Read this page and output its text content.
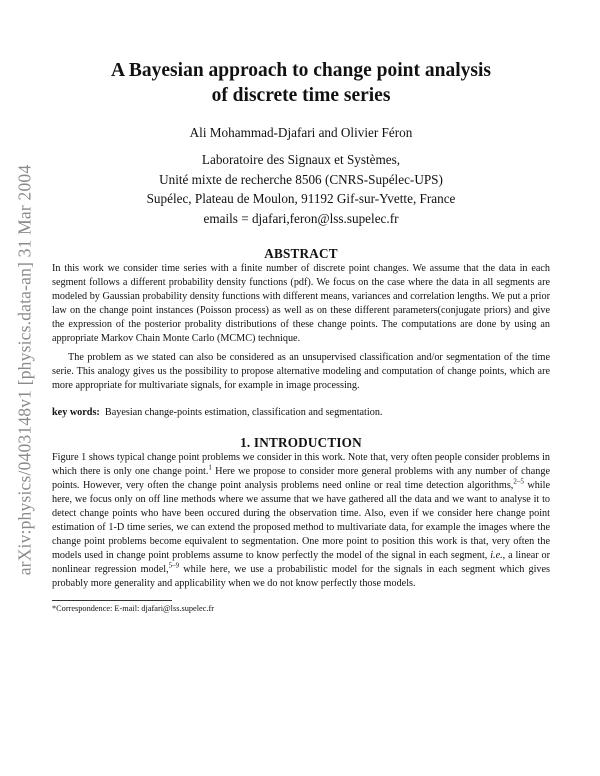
arXiv:physics/0403148v1 [physics.data-an] 31 Mar 2004
A Bayesian approach to change point analysis
of discrete time series
Ali Mohammad-Djafari and Olivier Féron
Laboratoire des Signaux et Systèmes,
Unité mixte de recherche 8506 (CNRS-Supélec-UPS)
Supélec, Plateau de Moulon, 91192 Gif-sur-Yvette, France
emails = djafari,feron@lss.supelec.fr
ABSTRACT

In this work we consider time series with a finite number of discrete point changes. We assume that the data in each segment follows a different probability density functions (pdf). We focus on the case where the data in all segments are modeled by Gaussian probability density functions with different means, variances and correlation lengths. We put a prior law on the change point instances (Poisson process) as well as on these different parameters(conjugate priors) and give the expression of the posterior probality distributions of these change points. The computations are done by using an appropriate Markov Chain Monte Carlo (MCMC) technique.

The problem as we stated can also be considered as an unsupervised classification and/or segmentation of the time serie. This analogy gives us the possibility to propose alternative modeling and computation of change points, which are more appropriate for multivariate signals, for example in image processing.

key words: Bayesian change-points estimation, classification and segmentation.
1. INTRODUCTION

Figure 1 shows typical change point problems we consider in this work. Note that, very often people consider problems in which there is only one change point.$^1$ Here we propose to consider more general problems with any number of change points. However, very often the change point analysis problems need online or real time detection algorithms,$^{2-5}$ while here, we focus only on off line methods where we assume that we have gathered all the data and we want to analyse it to detect change points who have been occured during the observation time. Also, even if we consider here change point estimation of 1-D time series, we can extend the proposed method to multivariate data, for example the images where the change point problems become equivalent to segmentation. One more point to position this work is that, very often the models used in change point problems assume to know perfectly the model of the signal in each segment, i.e., a linear or nonlinear regression model,$^{5-9}$ while here, we use a probabilistic model for the signals in each segment which gives probably more generality and applicability when we do not know perfectly those models.

*Correspondence: E-mail: djafari@lss.supelec.fr
